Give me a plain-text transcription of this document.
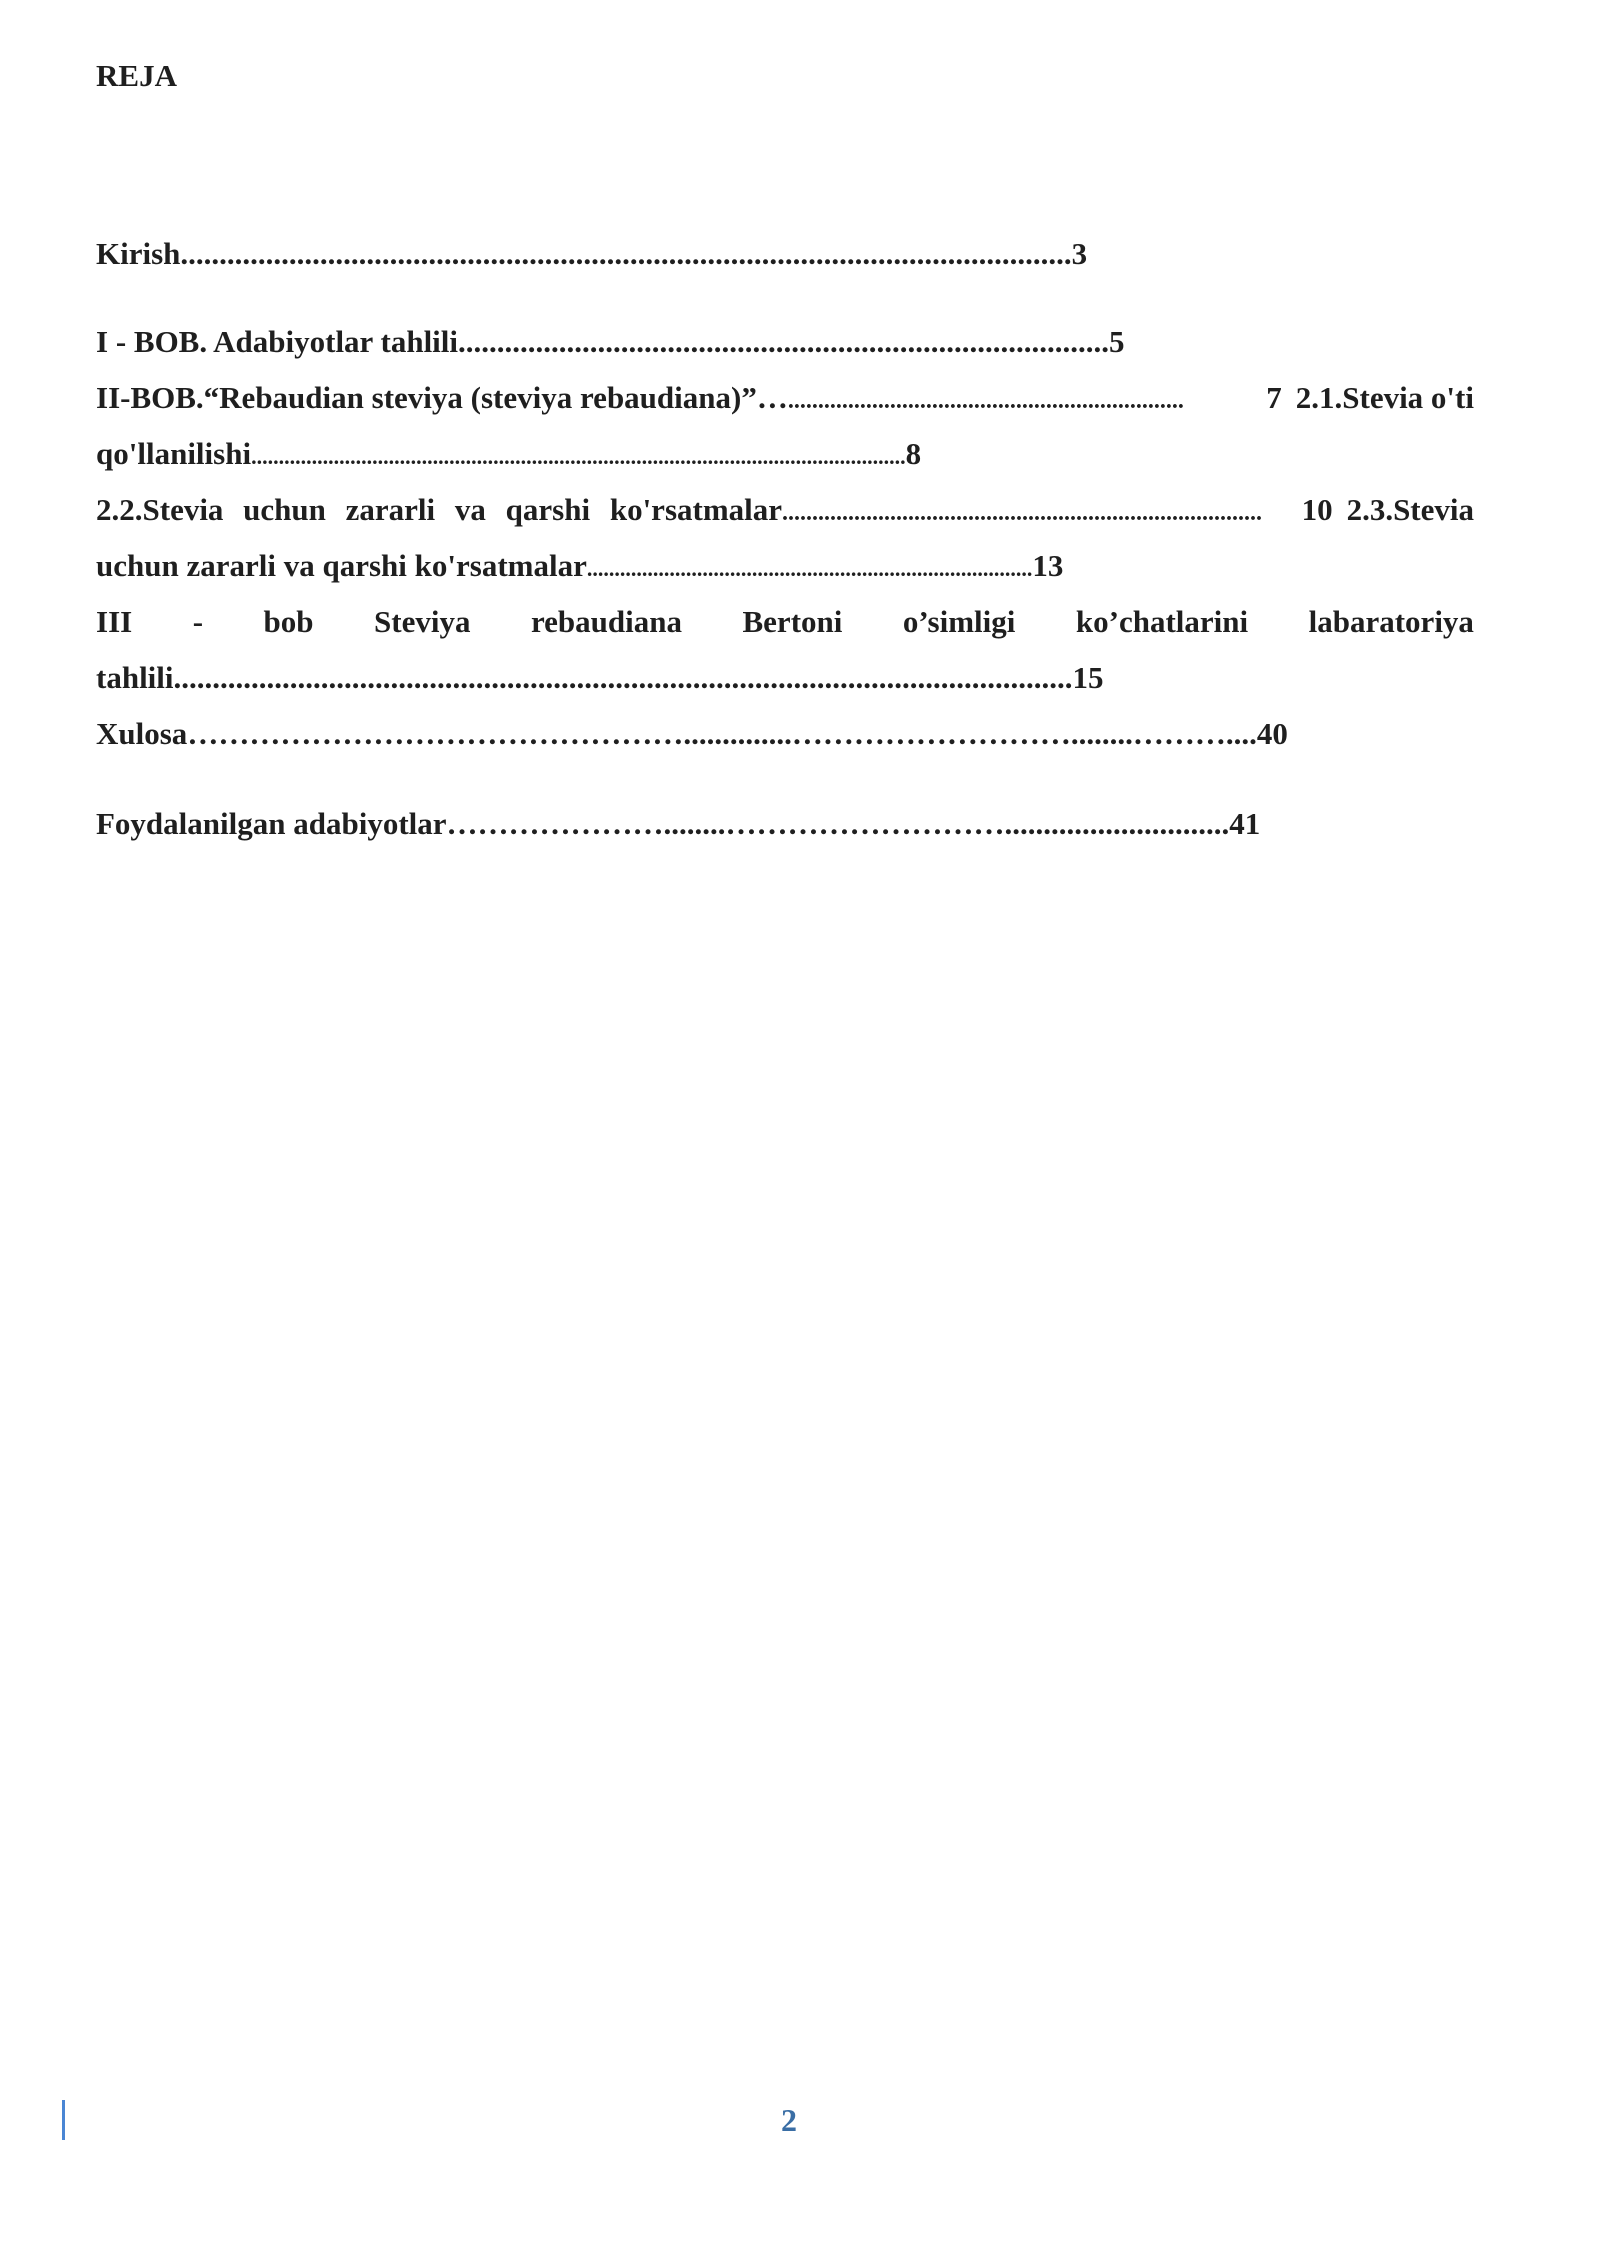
REJA
Kirish...................................................................................................................3
I - BOB. Adabiyotlar tahlili....................................................................................5
II-BOB.“Rebaudian steviya (steviya rebaudiana)”… ..................................................................	7 2.1.Stevia o'ti
qo'llanilishi.......................................................................................................................8
2.2.Stevia uchun zararli va qarshi ko'rsatmalar ................................................................................	10 2.3.Stevia
uchun zararli va qarshi ko'rsatmalar.................................................................................13
III - bob Steviya rebaudiana Bertoni o’simligi ko’chatlarini labaratoriya
tahlili....................................................................................................................15
Xulosa…………………………………………..............………………………........………....40
Foydalanilgan adabiyotlar…………………........……………………….............................41
2
